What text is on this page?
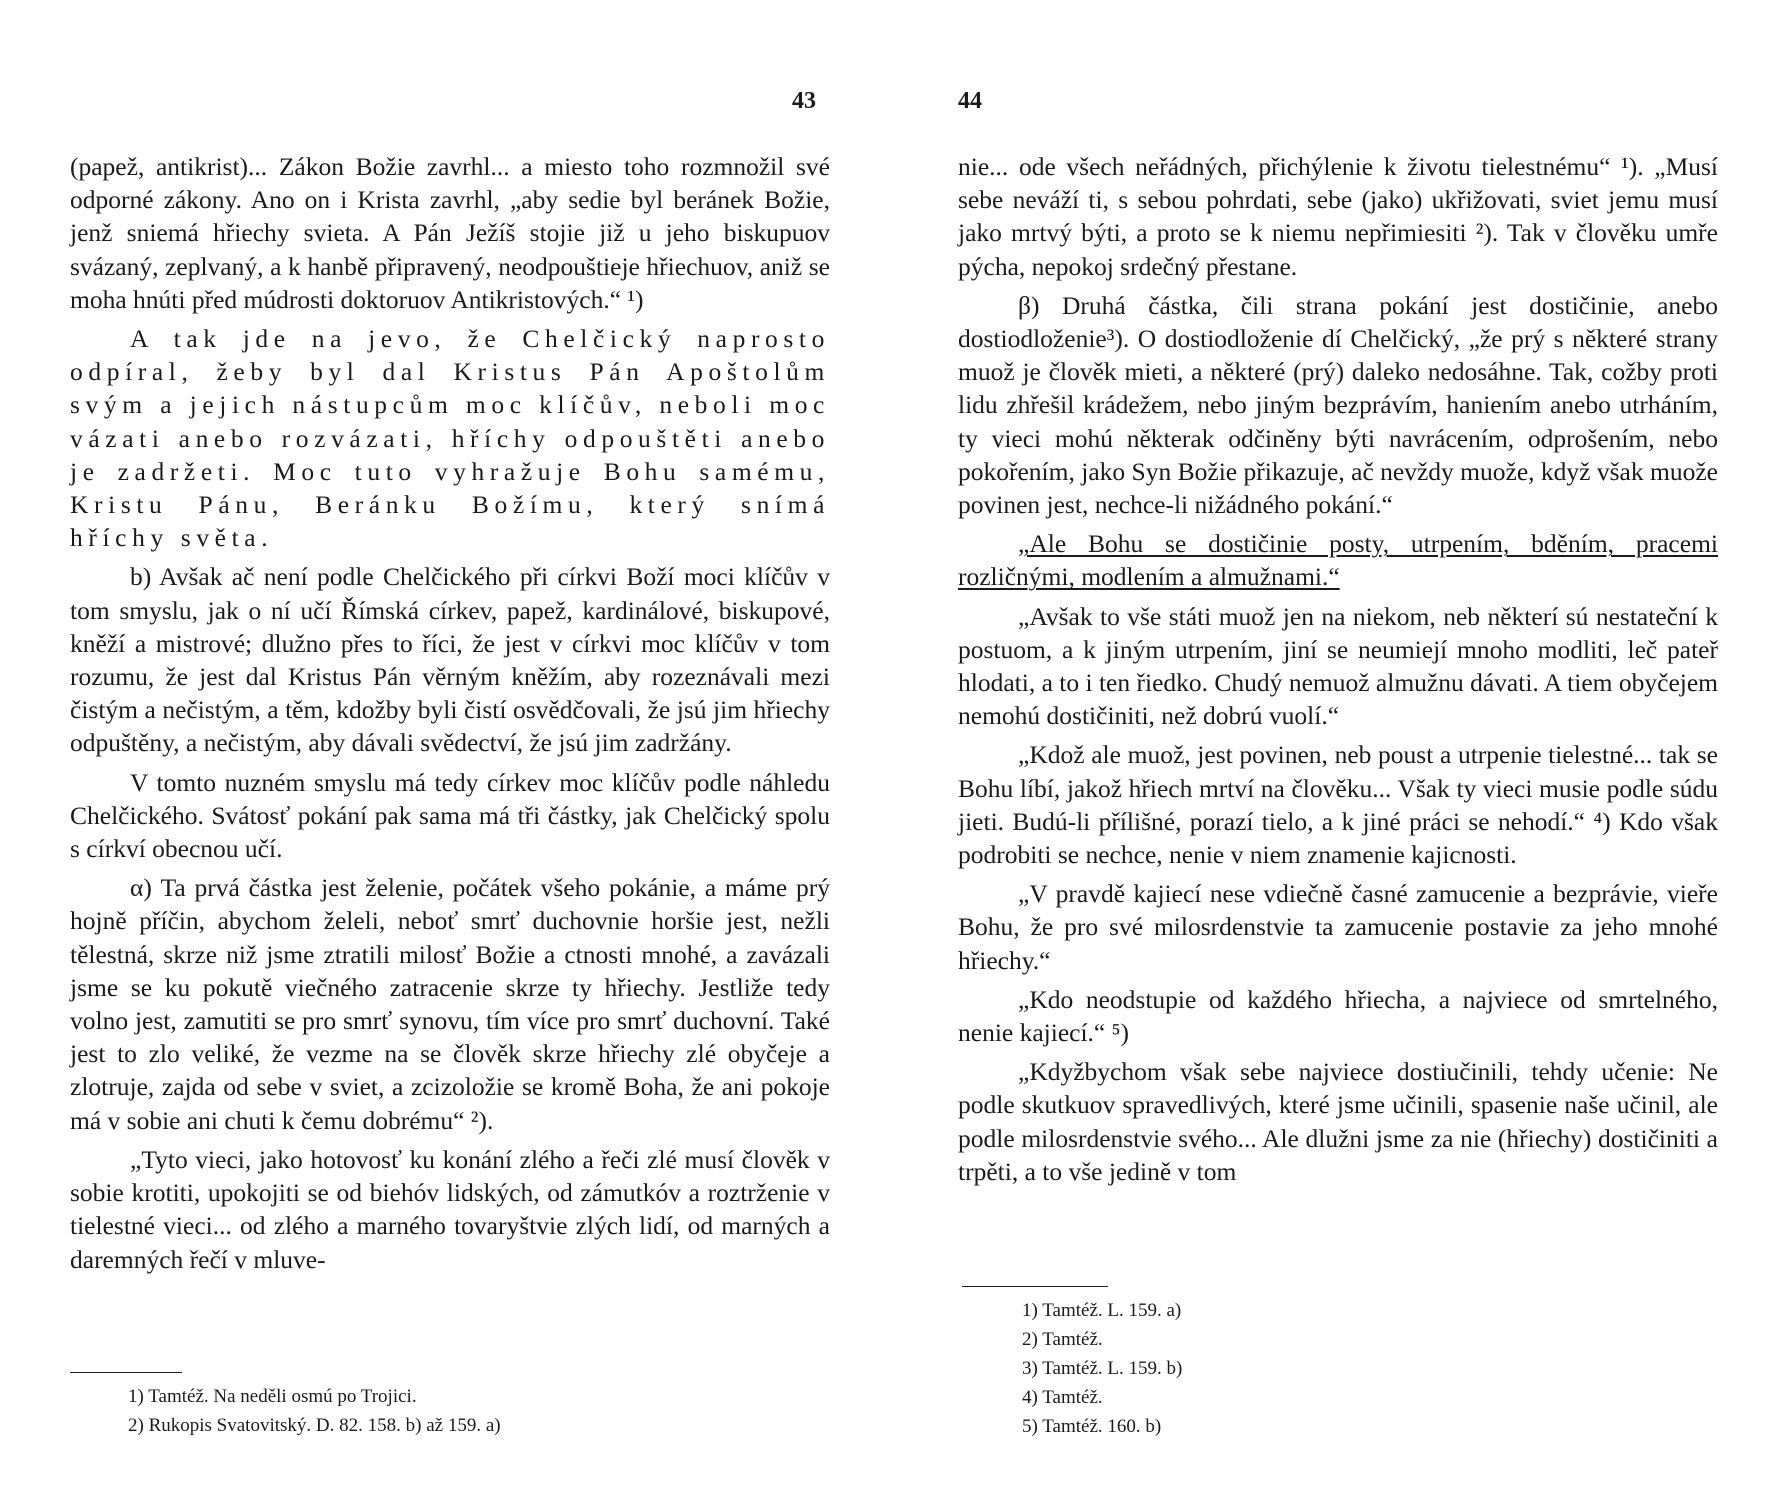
43

(papež, antikrist)... Zákon Božie zavrhl... a miesto toho rozmnožil své odporné zákony. Ano on i Krista zavrhl, „aby sedie byl beránek Božie, jenž sniemá hřiechy svieta. A Pán Ježíš stojie již u jeho biskupuov svázaný, zeplvaný, a k hanbě připravený, neodpouštieje hřiechuov, aniž se moha hnúti před múdrosti doktoruov Antikristových.“ ¹)

A tak jde na jevo, že Chelčický naprosto odpíral, žeby byl dal Kristus Pán Apoštolům svým a jejich nástupcům moc klíčův, neboli moc vázati anebo rozvázati, hříchy odpouštěti anebo je zadržeti. Moc tuto vyhražuje Bohu samému, Kristu Pánu, Beránku Božímu, který snímá hříchy světa.

b) Avšak ač není podle Chelčického při církvi Boží moci klíčův v tom smyslu, jak o ní učí Římská církev, papež, kardinálové, biskupové, kněží a mistrové; dlužno přes to říci, že jest v církvi moc klíčův v tom rozumu, že jest dal Kristus Pán věrným kněžím, aby rozeznávali mezi čistým a nečistým, a těm, kdožby byli čistí osvědčovali, že jsú jim hřiechy odpuštěny, a nečistým, aby dávali svědectví, že jsú jim zadržány.

V tomto nuzném smyslu má tedy církev moc klíčův podle náhledu Chelčického. Svátosť pokání pak sama má tři částky, jak Chelčický spolu s církví obecnou učí.

α) Ta prvá částka jest želenie, počátek všeho pokánie, a máme prý hojně příčin, abychom želeli, neboť smrť duchovnie horšie jest, nežli tělestná, skrze niž jsme ztratili milosť Božie a ctnosti mnohé, a zavázali jsme se ku pokutě viečného zatracenie skrze ty hřiechy. Jestliže tedy volno jest, zamutiti se pro smrť synovu, tím více pro smrť duchovní. Také jest to zlo veliké, že vezme na se člověk skrze hřiechy zlé obyčeje a zlotruje, zajda od sebe v sviet, a zcizoložie se kromě Boha, že ani pokoje má v sobie ani chuti k čemu dobrému“ ²).

„Tyto vieci, jako hotovosť ku konání zlého a řeči zlé musí člověk v sobie krotiti, upokojiti se od biehóv lidských, od zámutkóv a roztrženie v tielestné vieci... od zlého a marného tovaryštvie zlých lidí, od marných a daremných řečí v mluve-

1) Tamtéž. Na neděli osmú po Trojici.
2) Rukopis Svatovitský. D. 82. 158. b) až 159. a)
44

nie... ode všech neřádných, přichýlenie k životu tielestnému“ ¹). „Musí sebe neváží ti, s sebou pohrdati, sebe (jako) ukřižovati, sviet jemu musí jako mrtvý býti, a proto se k niemu nepřimiesiti ²). Tak v člověku umře pýcha, nepokoj srdečný přestane.

β) Druhá částka, čili strana pokání jest dostičinie, anebo dostiodloženie³). O dostiodloženie dí Chelčický, „že prý s některé strany muož je člověk mieti, a některé (prý) daleko nedosáhne. Tak, cožby proti lidu zhřešil krádežem, nebo jiným bezprávím, haniením anebo utrháním, ty vieci mohú některak odčiněny býti navrácením, odprošením, nebo pokořením, jako Syn Božie přikazuje, ač nevždy muože, když však muože povinen jest, nechce-li nižádného pokání.“

„Ale Bohu se dostičinie posty, utrpením, bděním, pracemi rozličnými, modlením a almužnami.“

„Avšak to vše státi muož jen na niekom, neb některí sú nestateční k postuom, a k jiným utrpením, jiní se neumiejí mnoho modliti, leč pateř hlodati, a to i ten řiedko. Chudý nemuož almužnu dávati. A tiem obyčejem nemohú dostičiniti, než dobrú vuolí.“

„Kdož ale muož, jest povinen, neb poust a utrpenie tielestné... tak se Bohu líbí, jakož hřiech mrtví na člověku... Však ty vieci musie podle súdu jieti. Budú-li přílišné, porazí tielo, a k jiné práci se nehodí.“ ⁴) Kdo však podrobiti se nechce, nenie v niem znamenie kajicnosti.

„V pravdě kajiecí nese vdiečně časné zamucenie a bezprávie, vieře Bohu, že pro své milosrdenstvie ta zamucenie postavie za jeho mnohé hřiechy.“

„Kdo neodstupie od každého hřiecha, a najviece od smrtelného, nenie kajiecí.“ ⁵)

„Kdyžbychom však sebe najviece dostiučinili, tehdy učenie: Ne podle skutkuov spravedlivých, které jsme učinili, spasenie naše učinil, ale podle milosrdenstvie svého... Ale dlužni jsme za nie (hřiechy) dostičiniti a trpěti, a to vše jedině v tom

1) Tamtéž. L. 159. a)
2) Tamtéž.
3) Tamtéž. L. 159. b)
4) Tamtéž.
5) Tamtéž. 160. b)
